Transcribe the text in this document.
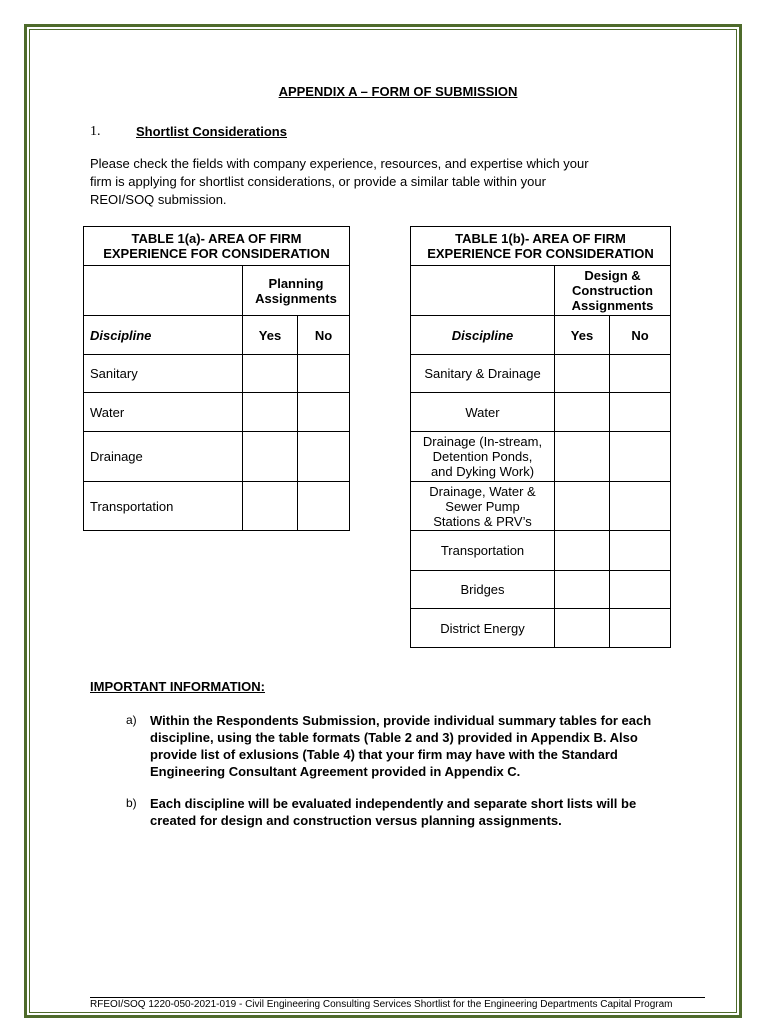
APPENDIX A – FORM OF SUBMISSION
1.	Shortlist Considerations
Please check the fields with company experience, resources, and expertise which your
firm is applying for shortlist considerations, or provide a similar table within your
REOI/SOQ submission.
TABLE 1(a)- AREA OF FIRM
EXPERIENCE FOR CONSIDERATION		

	Planning
Assignments	

Discipline	Yes	No
Sanitary		
Water		
Drainage		
Transportation		
TABLE 1(b)- AREA OF FIRM
EXPERIENCE FOR CONSIDERATION		

	Design &
Construction
Assignments	

Discipline	Yes	No

Sanitary & Drainage		

Water		

Drainage (In-stream,
Detention Ponds,
and Dyking Work)		

Drainage, Water &
Sewer Pump
Stations & PRV’s		

Transportation		

Bridges		

District Energy		

IMPORTANT INFORMATION:
a) Within the Respondents Submission, provide individual summary tables for each
discipline, using the table formats (Table 2 and 3) provided in Appendix B. Also
provide list of exlusions (Table 4) that your firm may have with the Standard
Engineering Consultant Agreement provided in Appendix C.
b) Each discipline will be evaluated independently and separate short lists will be
created for design and construction versus planning assignments.
RFEOI/SOQ 1220-050-2021-019 - Civil Engineering Consulting Services Shortlist for the Engineering Departments Capital Program
